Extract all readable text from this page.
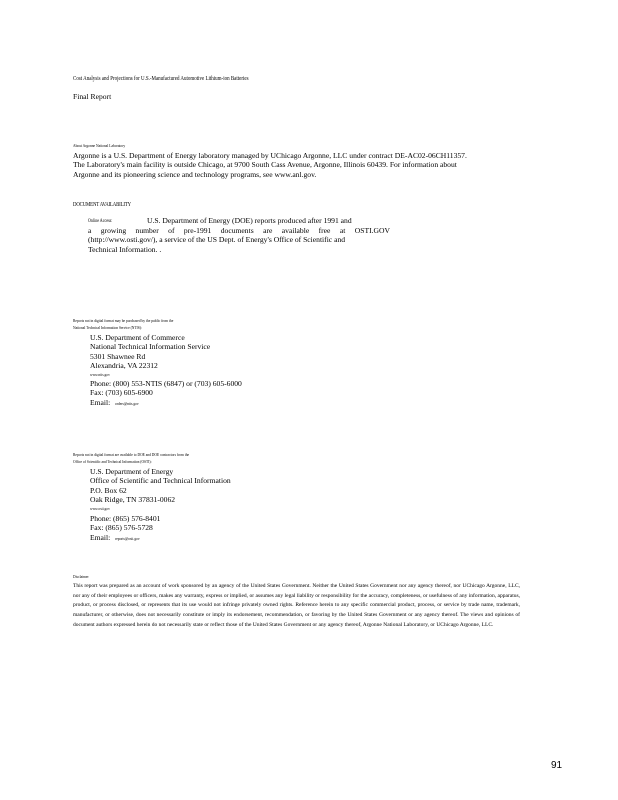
Cost Analysis and Projections for U.S.-Manufactured Automotive Lithium-ion Batteries
Final Report
About Argonne National Laboratory
Argonne is a U.S. Department of Energy laboratory managed by UChicago Argonne, LLC under contract DE-AC02-06CH11357.
The Laboratory's main facility is outside Chicago, at 9700 South Cass Avenue, Argonne, Illinois 60439. For information about
Argonne and its pioneering science and technology programs, see www.anl.gov.
DOCUMENT AVAILABILITY
Online Access:	U.S. Department of Energy (DOE) reports produced after 1991 and
a growing number of pre-1991 documents are available free at OSTI.GOV
(http://www.osti.gov/), a service of the US Dept. of Energy's Office of Scientific and
Technical Information. .
Reports not in digital format may be purchased by the public from the
National Technical Information Service (NTIS):
U.S. Department of Commerce
National Technical Information Service
5301 Shawnee Rd
Alexandria, VA 22312
www.ntis.gov
Phone: (800) 553-NTIS (6847) or (703) 605-6000
Fax: (703) 605-6900
Email: orders@ntis.gov
Reports not in digital format are available to DOE and DOE contractors from the
Office of Scientific and Technical Information (OSTI):
U.S. Department of Energy
Office of Scientific and Technical Information
P.O. Box 62
Oak Ridge, TN 37831-0062
www.osti.gov
Phone: (865) 576-8401
Fax: (865) 576-5728
Email: reports@osti.gov
Disclaimer
This report was prepared as an account of work sponsored by an agency of the United States Government. Neither the United States Government nor any agency thereof, nor UChicago Argonne, LLC, nor any of their employees or officers, makes any warranty, express or implied, or assumes any legal liability or responsibility for the accuracy, completeness, or usefulness of any information, apparatus, product, or process disclosed, or represents that its use would not infringe privately owned rights. Reference herein to any specific commercial product, process, or service by trade name, trademark, manufacturer, or otherwise, does not necessarily constitute or imply its endorsement, recommendation, or favoring by the United States Government or any agency thereof. The views and opinions of document authors expressed herein do not necessarily state or reflect those of the United States Government or any agency thereof, Argonne National Laboratory, or UChicago Argonne, LLC.
91
